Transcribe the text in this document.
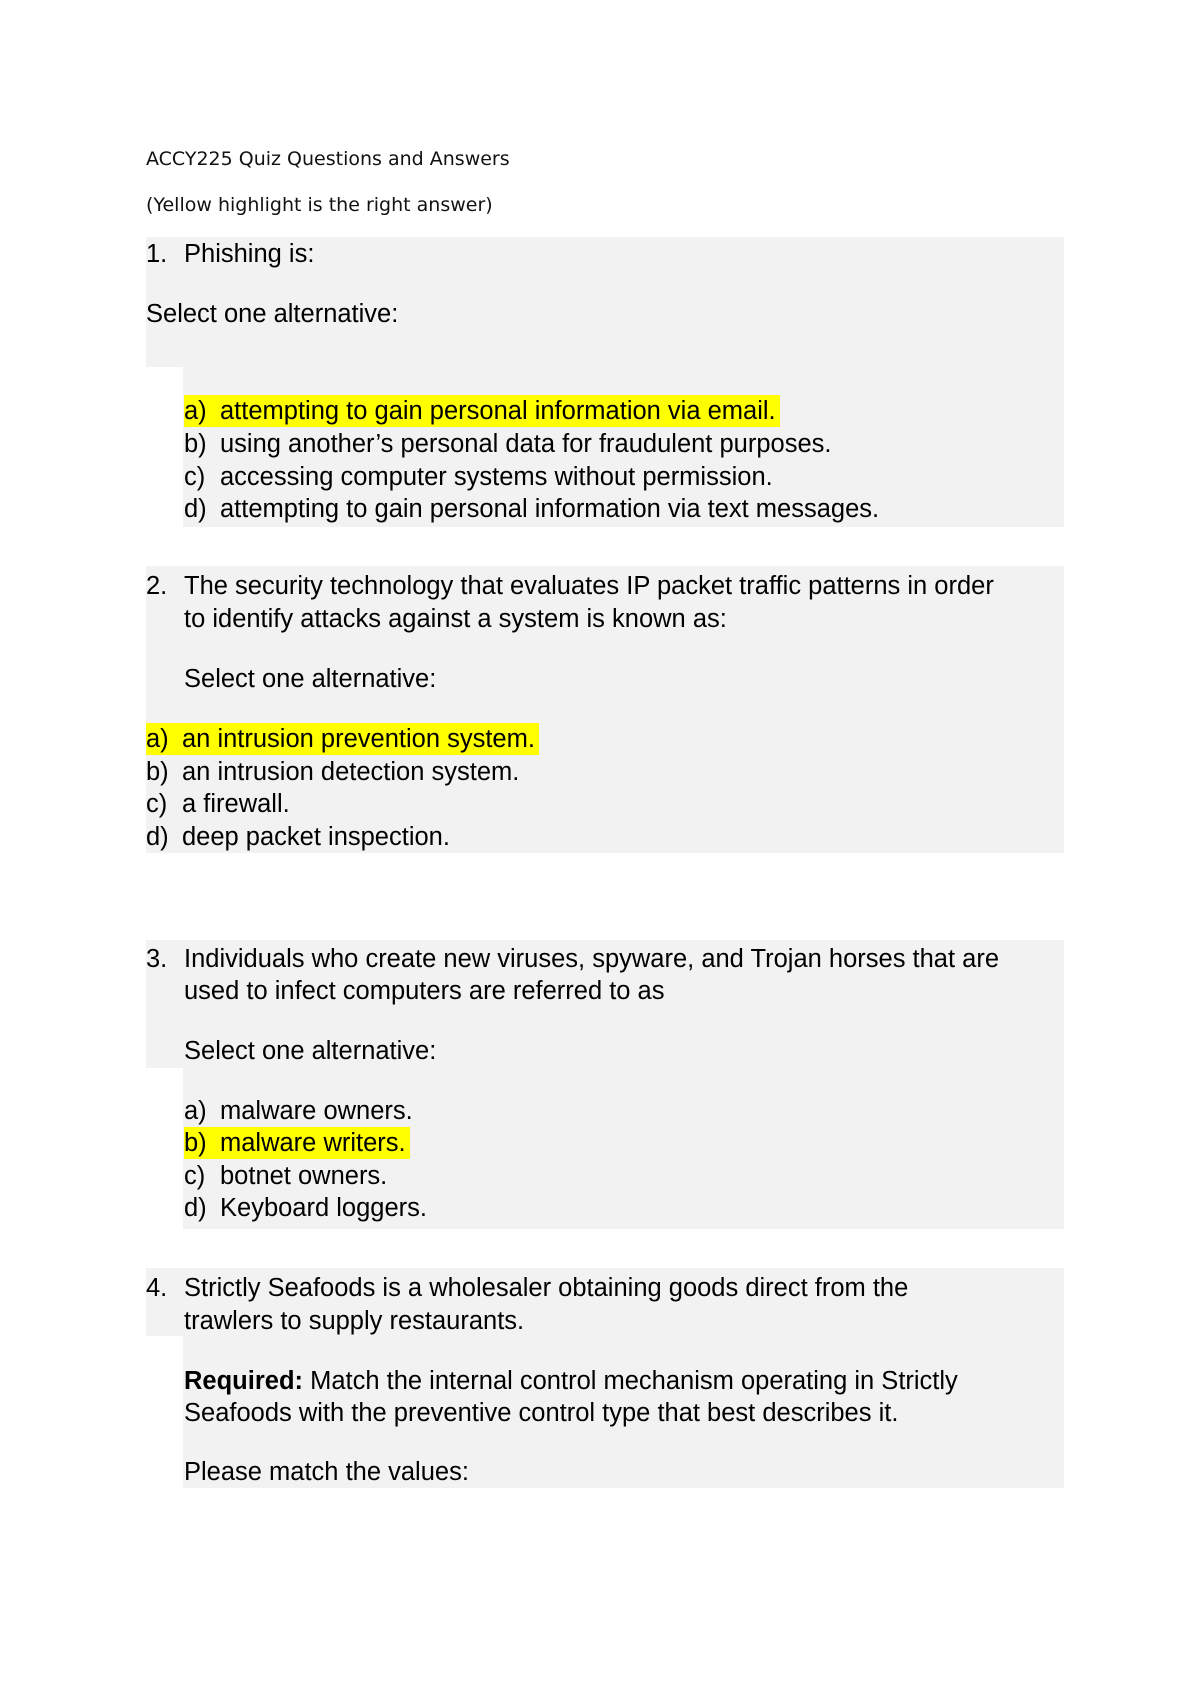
ACCY225 Quiz Questions and Answers
(Yellow highlight is the right answer)
1. Phishing is:
Select one alternative:
a) attempting to gain personal information via email.
b) using another’s personal data for fraudulent purposes.
c) accessing computer systems without permission.
d) attempting to gain personal information via text messages.
2. The security technology that evaluates IP packet traffic patterns in order
to identify attacks against a system is known as:
Select one alternative:
a) an intrusion prevention system.
b) an intrusion detection system.
c) a firewall.
d) deep packet inspection.
3. Individuals who create new viruses, spyware, and Trojan horses that are
used to infect computers are referred to as
Select one alternative:
a) malware owners.
b) malware writers.
c) botnet owners.
d) Keyboard loggers.
4. Strictly Seafoods is a wholesaler obtaining goods direct from the
trawlers to supply restaurants.
Required: Match the internal control mechanism operating in Strictly
Seafoods with the preventive control type that best describes it.
Please match the values:
